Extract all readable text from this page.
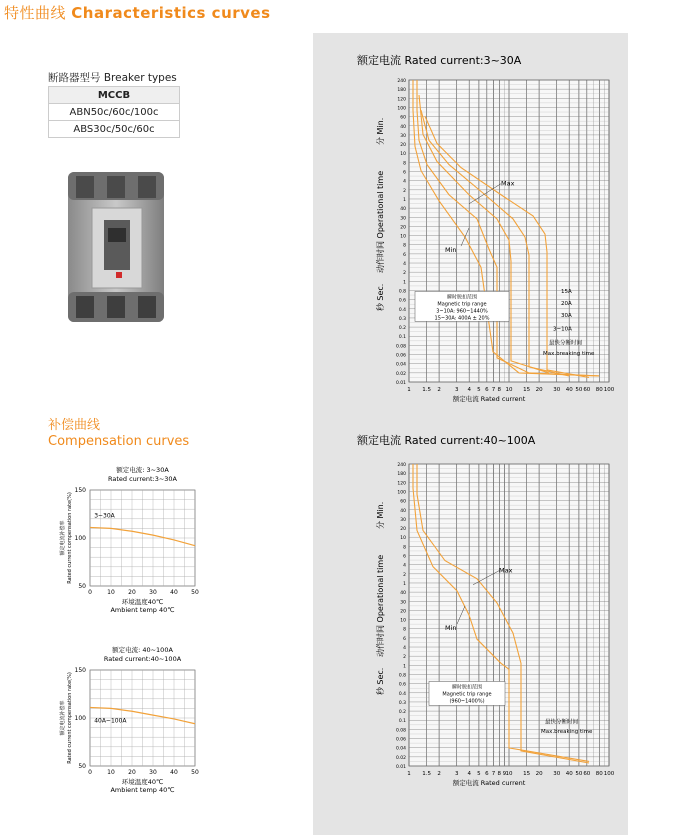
特性曲线 Characteristics curves
断路器型号 Breaker types
MCCB
ABN50c/60c/100c
ABS30c/50c/60c
补偿曲线
Compensation curves
额定电流: 3~30A
Rated current:3~30A
50
100
150
0	10 20 30 40 50
环境温度40℃
Ambient temp 40℃
额定电流补偿率 Rated current compensation rate(%)	3~30A
额定电流: 40~100A
Rated current:40~100A
50
100
150
0	10 20 30 40 50
环境温度40℃
Ambient temp 40℃
额定电流补偿率 Rated current compensation rate(%)	40A~100A
额定电流 Rated current:3~30A
1 1.5 2	3 4 5 6 7 8 10 15 20 30 40 50 60 80 100
240
180
120
100
60
40
30
20
10
8
6
4
2
1
40
30
20
10
8
6
4
2
1
0.8
0.6
0.4
0.3
0.2
0.1
0.08
0.06
0.04
0.02
0.01
分 Min.
动作时间 Operational time
秒 Sec.
额定电流 Rated current
Max
Min
瞬时脱扣范围
Magnetic trip range
3~10A: 960~1440%
15~30A: 400A ± 20%
15A
20A
30A
3~10A
最快分断时间
Max.breaking time
额定电流 Rated current:40~100A
1 1.5 2	3 4 5 6 7 8 9 10 15 20 30 40 50 60 80 100
240
180
120
100
60
40
30
20
10
8
6
4
2
1
40
30
20
10
8
6
4
2
1
0.8
0.6
0.4
0.3
0.2
0.1
0.08
0.06
0.04
0.02
0.01
分 Min.
动作时间 Operational time
秒 Sec.
额定电流 Rated current
Max
Min
瞬时脱扣范围
Magnetic trip range
(960~1400%)
最快分断时间
Max.breaking time
